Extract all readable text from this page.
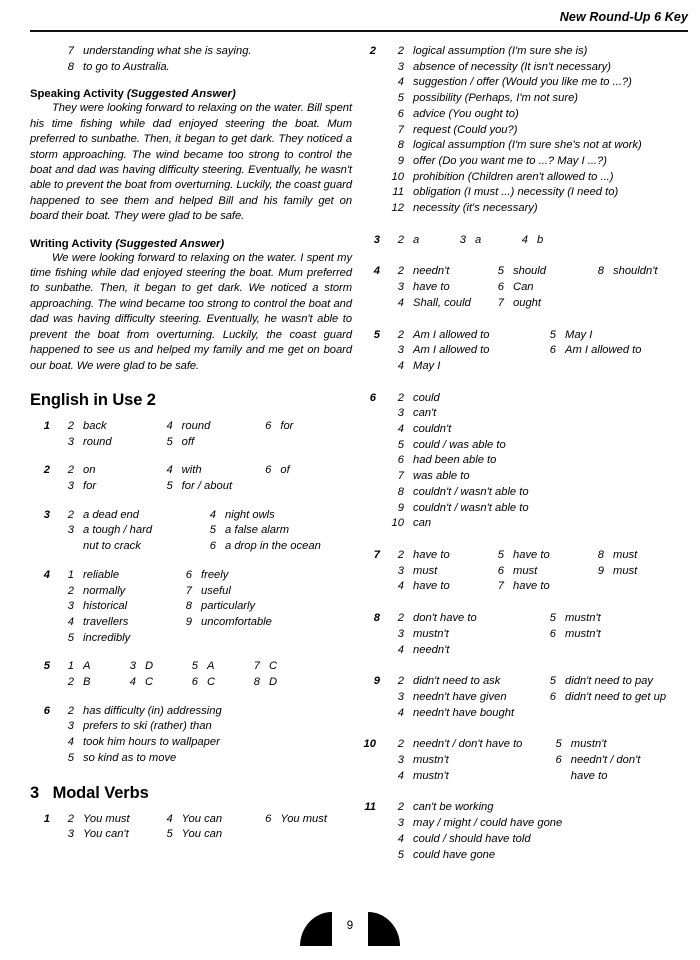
New Round-Up 6 Key
7 understanding what she is saying.
8 to go to Australia.
Speaking Activity (Suggested Answer)

They were looking forward to relaxing on the water. Bill spent his time fishing while dad enjoyed steering the boat. Mum preferred to sunbathe. Then, it began to get dark. They noticed a storm approaching. The wind became too strong to control the boat and dad was having difficulty steering. Eventually, he wasn't able to prevent the boat from overturning. Luckily, the coast guard happened to see them and helped Bill and his family get on board their boat. They were glad to be safe.

Writing Activity (Suggested Answer)

We were looking forward to relaxing on the water. I spent my time fishing while dad enjoyed steering the boat. Mum preferred to sunbathe. Then, it began to get dark. We noticed a storm approaching. The wind became too strong to control the boat and dad was having difficulty steering. Eventually, he wasn't able to prevent the boat from overturning. Luckily, the coast guard happened to see us and helped my family and me get on board our boat. We were glad to be safe.

English in Use 2
1	2 back
3 round
4 round
5 off
6 for
2	2 on
3 for
4 with
5 for / about
6 of
3	2 a dead end
3 a tough / hard
nut to crack
4 night owls
5 a false alarm
6 a drop in the ocean
4	1 reliable
2 normally
3 historical
4 travellers
5 incredibly
6 freely
7 useful
8 particularly
9 uncomfortable
5	1 A
2 B
3 D
4 C
5 A
6 C
7 C
8 D
6	2 has difficulty (in) addressing
3 prefers to ski (rather) than
4 took him hours to wallpaper
5 so kind as to move
3 Modal Verbs
1	2 You must
3 You can't
4 You can
5 You can
6 You must
2	2 logical assumption (I'm sure she is)
3 absence of necessity (It isn't necessary)
4 suggestion / offer (Would you like me to ...?)
5 possibility (Perhaps, I'm not sure)
6 advice (You ought to)
7 request (Could you?)
8 logical assumption (I'm sure she's not at work)
9 offer (Do you want me to ...? May I ...?)
10 prohibition (Children aren't allowed to ...)
11 obligation (I must ...) necessity (I need to)
12 necessity (it's necessary)
3	2 a	3 a	4 b
4	2 needn't
3 have to
4 Shall, could
5 should
6 Can
7 ought
8 shouldn't
5	2 Am I allowed to
3 Am I allowed to
4 May I
5 May I
6 Am I allowed to
6	2 could
3 can't
4 couldn't
5 could / was able to
6 had been able to
7 was able to
8 couldn't / wasn't able to
9 couldn't / wasn't able to
10 can
7	2 have to
3 must
4 have to
5 have to
6 must
7 have to
8 must
9 must
8	2 don't have to
3 mustn't
4 needn't
5 mustn't
6 mustn't
9	2 didn't need to ask
3 needn't have given
4 needn't have bought
5 didn't need to pay
6 didn't need to get up
10	2 needn't / don't have to
3 mustn't
4 mustn't
5 mustn't
6 needn't / don't
have to
11	2 can't be working
3 may / might / could have gone
4 could / should have told
5 could have gone
9
